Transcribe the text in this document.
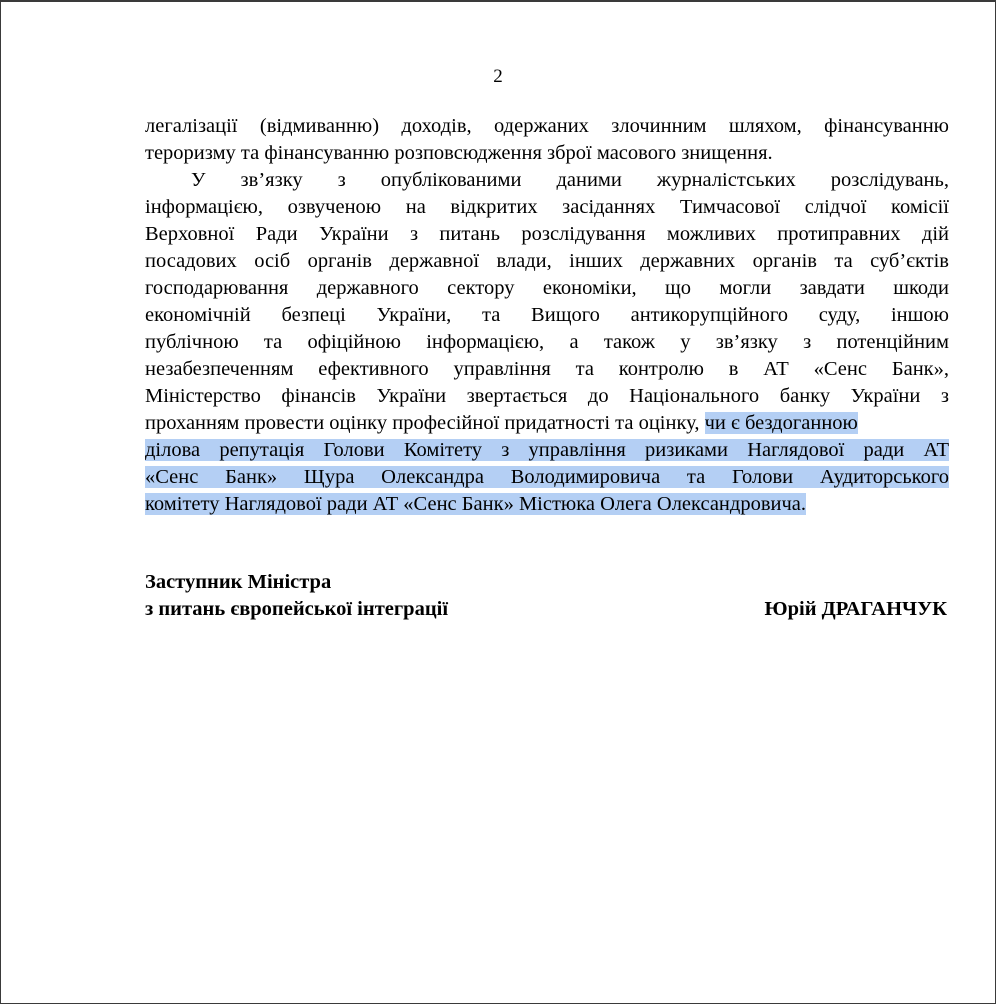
2
легалізації (відмиванню) доходів, одержаних злочинним шляхом, фінансуванню
тероризму та фінансуванню розповсюдження зброї масового знищення.
У зв’язку з опублікованими даними журналістських розслідувань,
інформацією, озвученою на відкритих засіданнях Тимчасової слідчої комісії
Верховної Ради України з питань розслідування можливих протиправних дій
посадових осіб органів державної влади, інших державних органів та суб’єктів
господарювання державного сектору економіки, що могли завдати шкоди
економічній безпеці України, та Вищого антикорупційного суду, іншою
публічною та офіційною інформацією, а також у зв’язку з потенційним
незабезпеченням ефективного управління та контролю в АТ «Сенс Банк»,
Міністерство фінансів України звертається до Національного банку України з
проханням провести оцінку професійної придатності та оцінку, чи є бездоганною
ділова репутація Голови Комітету з управління ризиками Наглядової ради АТ
«Сенс Банк» Щура Олександра Володимировича та Голови Аудиторського
комітету Наглядової ради АТ «Сенс Банк» Містюка Олега Олександровича.
Заступник Міністра
з питань європейської інтеграції	Юрій ДРАГАНЧУК
